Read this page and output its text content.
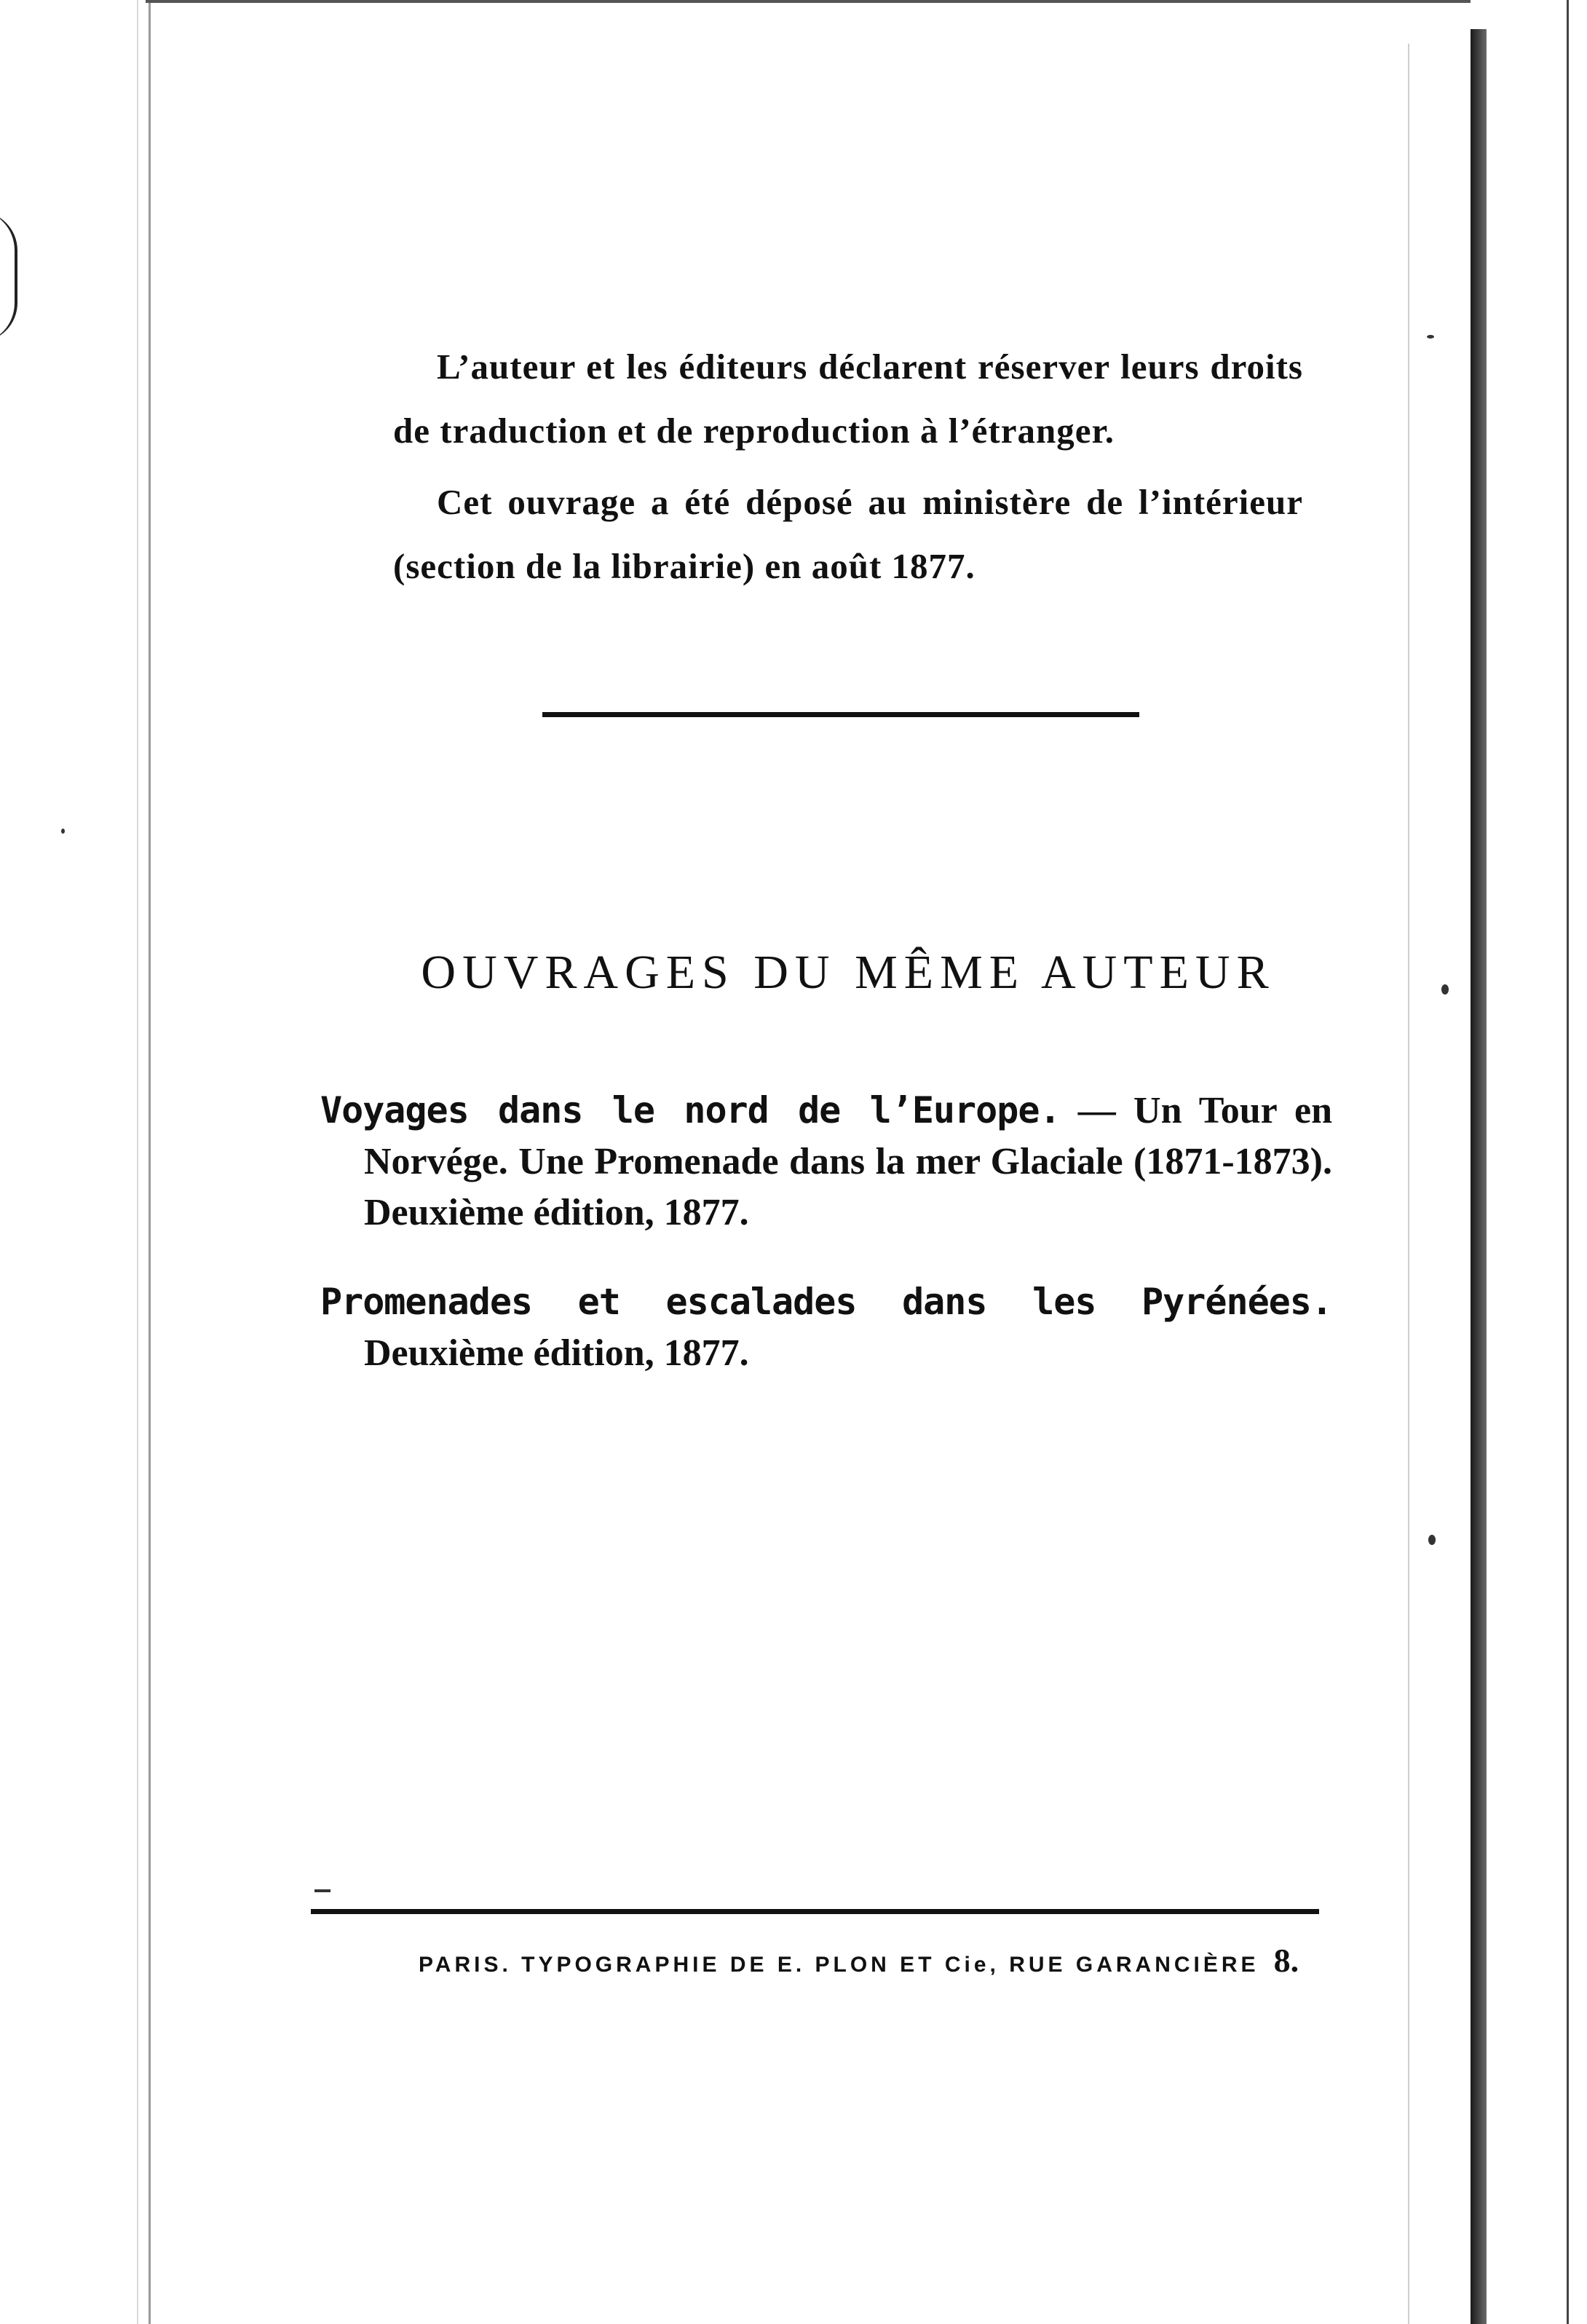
L’auteur et les éditeurs déclarent réserver leurs droits de traduction et de reproduction à l’étranger.

Cet ouvrage a été déposé au ministère de l’intérieur (section de la librairie) en août 1877.

OUVRAGES DU MÊME AUTEUR

Voyages dans le nord de l’Europe. — Un Tour en Norvége. Une Promenade dans la mer Glaciale (1871-1873). Deuxième édition, 1877.

Promenades et escalades dans les Pyrénées. Deuxième édition, 1877.

PARIS. TYPOGRAPHIE DE E. PLON ET Cie, RUE GARANCIÈRE 8.
